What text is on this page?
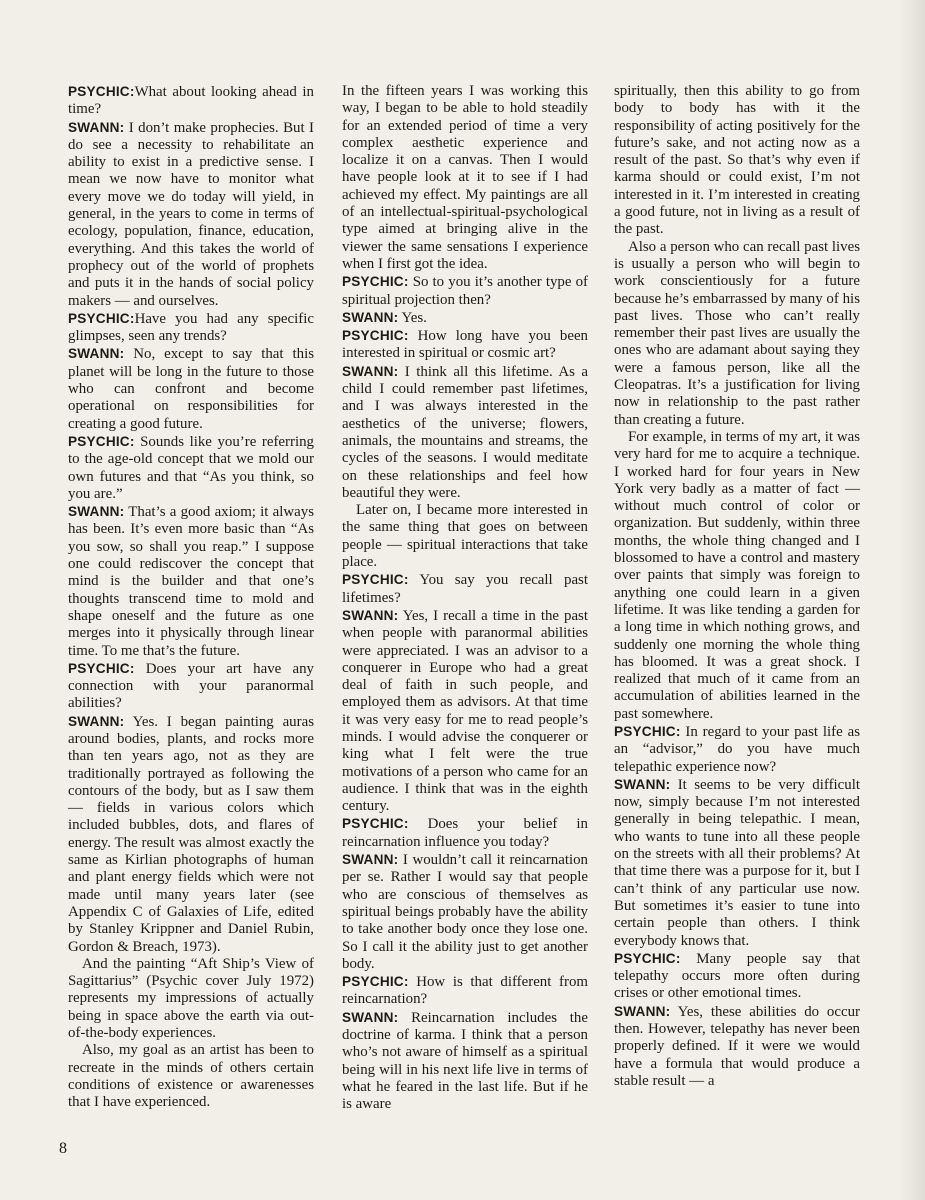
PSYCHIC:What about looking ahead in time?

SWANN: I don’t make prophecies. But I do see a necessity to rehabilitate an ability to exist in a predictive sense. I mean we now have to monitor what every move we do today will yield, in general, in the years to come in terms of ecology, population, finance, education, everything. And this takes the world of prophecy out of the world of prophets and puts it in the hands of social policy makers — and ourselves.

PSYCHIC:Have you had any specific glimpses, seen any trends?

SWANN: No, except to say that this planet will be long in the future to those who can confront and become operational on responsibilities for creating a good future.

PSYCHIC: Sounds like you’re referring to the age-old concept that we mold our own futures and that “As you think, so you are.”

SWANN: That’s a good axiom; it always has been. It’s even more basic than “As you sow, so shall you reap.” I suppose one could rediscover the concept that mind is the builder and that one’s thoughts transcend time to mold and shape oneself and the future as one merges into it physically through linear time. To me that’s the future.

PSYCHIC: Does your art have any connection with your paranormal abilities?

SWANN: Yes. I began painting auras around bodies, plants, and rocks more than ten years ago, not as they are traditionally portrayed as following the contours of the body, but as I saw them — fields in various colors which included bubbles, dots, and flares of energy. The result was almost exactly the same as Kirlian photographs of human and plant energy fields which were not made until many years later (see Appendix C of Galaxies of Life, edited by Stanley Krippner and Daniel Rubin, Gordon & Breach, 1973).

And the painting “Aft Ship’s View of Sagittarius” (Psychic cover July 1972) represents my impressions of actually being in space above the earth via out-of-the-body experiences.

Also, my goal as an artist has been to recreate in the minds of others certain conditions of existence or awarenesses that I have experienced.

In the fifteen years I was working this way, I began to be able to hold steadily for an extended period of time a very complex aesthetic experience and localize it on a canvas. Then I would have people look at it to see if I had achieved my effect. My paintings are all of an intellectual-spiritual-psychological type aimed at bringing alive in the viewer the same sensations I experience when I first got the idea.

PSYCHIC: So to you it’s another type of spiritual projection then?

SWANN: Yes.

PSYCHIC: How long have you been interested in spiritual or cosmic art?

SWANN: I think all this lifetime. As a child I could remember past lifetimes, and I was always interested in the aesthetics of the universe; flowers, animals, the mountains and streams, the cycles of the seasons. I would meditate on these relationships and feel how beautiful they were.

Later on, I became more interested in the same thing that goes on between people — spiritual interactions that take place.

PSYCHIC: You say you recall past lifetimes?

SWANN: Yes, I recall a time in the past when people with paranormal abilities were appreciated. I was an advisor to a conquerer in Europe who had a great deal of faith in such people, and employed them as advisors. At that time it was very easy for me to read people’s minds. I would advise the conquerer or king what I felt were the true motivations of a person who came for an audience. I think that was in the eighth century.

PSYCHIC: Does your belief in reincarnation influence you today?

SWANN: I wouldn’t call it reincarnation per se. Rather I would say that people who are conscious of themselves as spiritual beings probably have the ability to take another body once they lose one. So I call it the ability just to get another body.

PSYCHIC: How is that different from reincarnation?

SWANN: Reincarnation includes the doctrine of karma. I think that a person who’s not aware of himself as a spiritual being will in his next life live in terms of what he feared in the last life. But if he is aware

spiritually, then this ability to go from body to body has with it the responsibility of acting positively for the future’s sake, and not acting now as a result of the past. So that’s why even if karma should or could exist, I’m not interested in it. I’m interested in creating a good future, not in living as a result of the past.

Also a person who can recall past lives is usually a person who will begin to work conscientiously for a future because he’s embarrassed by many of his past lives. Those who can’t really remember their past lives are usually the ones who are adamant about saying they were a famous person, like all the Cleopatras. It’s a justification for living now in relationship to the past rather than creating a future.

For example, in terms of my art, it was very hard for me to acquire a technique. I worked hard for four years in New York very badly as a matter of fact — without much control of color or organization. But suddenly, within three months, the whole thing changed and I blossomed to have a control and mastery over paints that simply was foreign to anything one could learn in a given lifetime. It was like tending a garden for a long time in which nothing grows, and suddenly one morning the whole thing has bloomed. It was a great shock. I realized that much of it came from an accumulation of abilities learned in the past somewhere.

PSYCHIC: In regard to your past life as an “advisor,” do you have much telepathic experience now?

SWANN: It seems to be very difficult now, simply because I’m not interested generally in being telepathic. I mean, who wants to tune into all these people on the streets with all their problems? At that time there was a purpose for it, but I can’t think of any particular use now. But sometimes it’s easier to tune into certain people than others. I think everybody knows that.

PSYCHIC: Many people say that telepathy occurs more often during crises or other emotional times.

SWANN: Yes, these abilities do occur then. However, telepathy has never been properly defined. If it were we would have a formula that would produce a stable result — a

8
